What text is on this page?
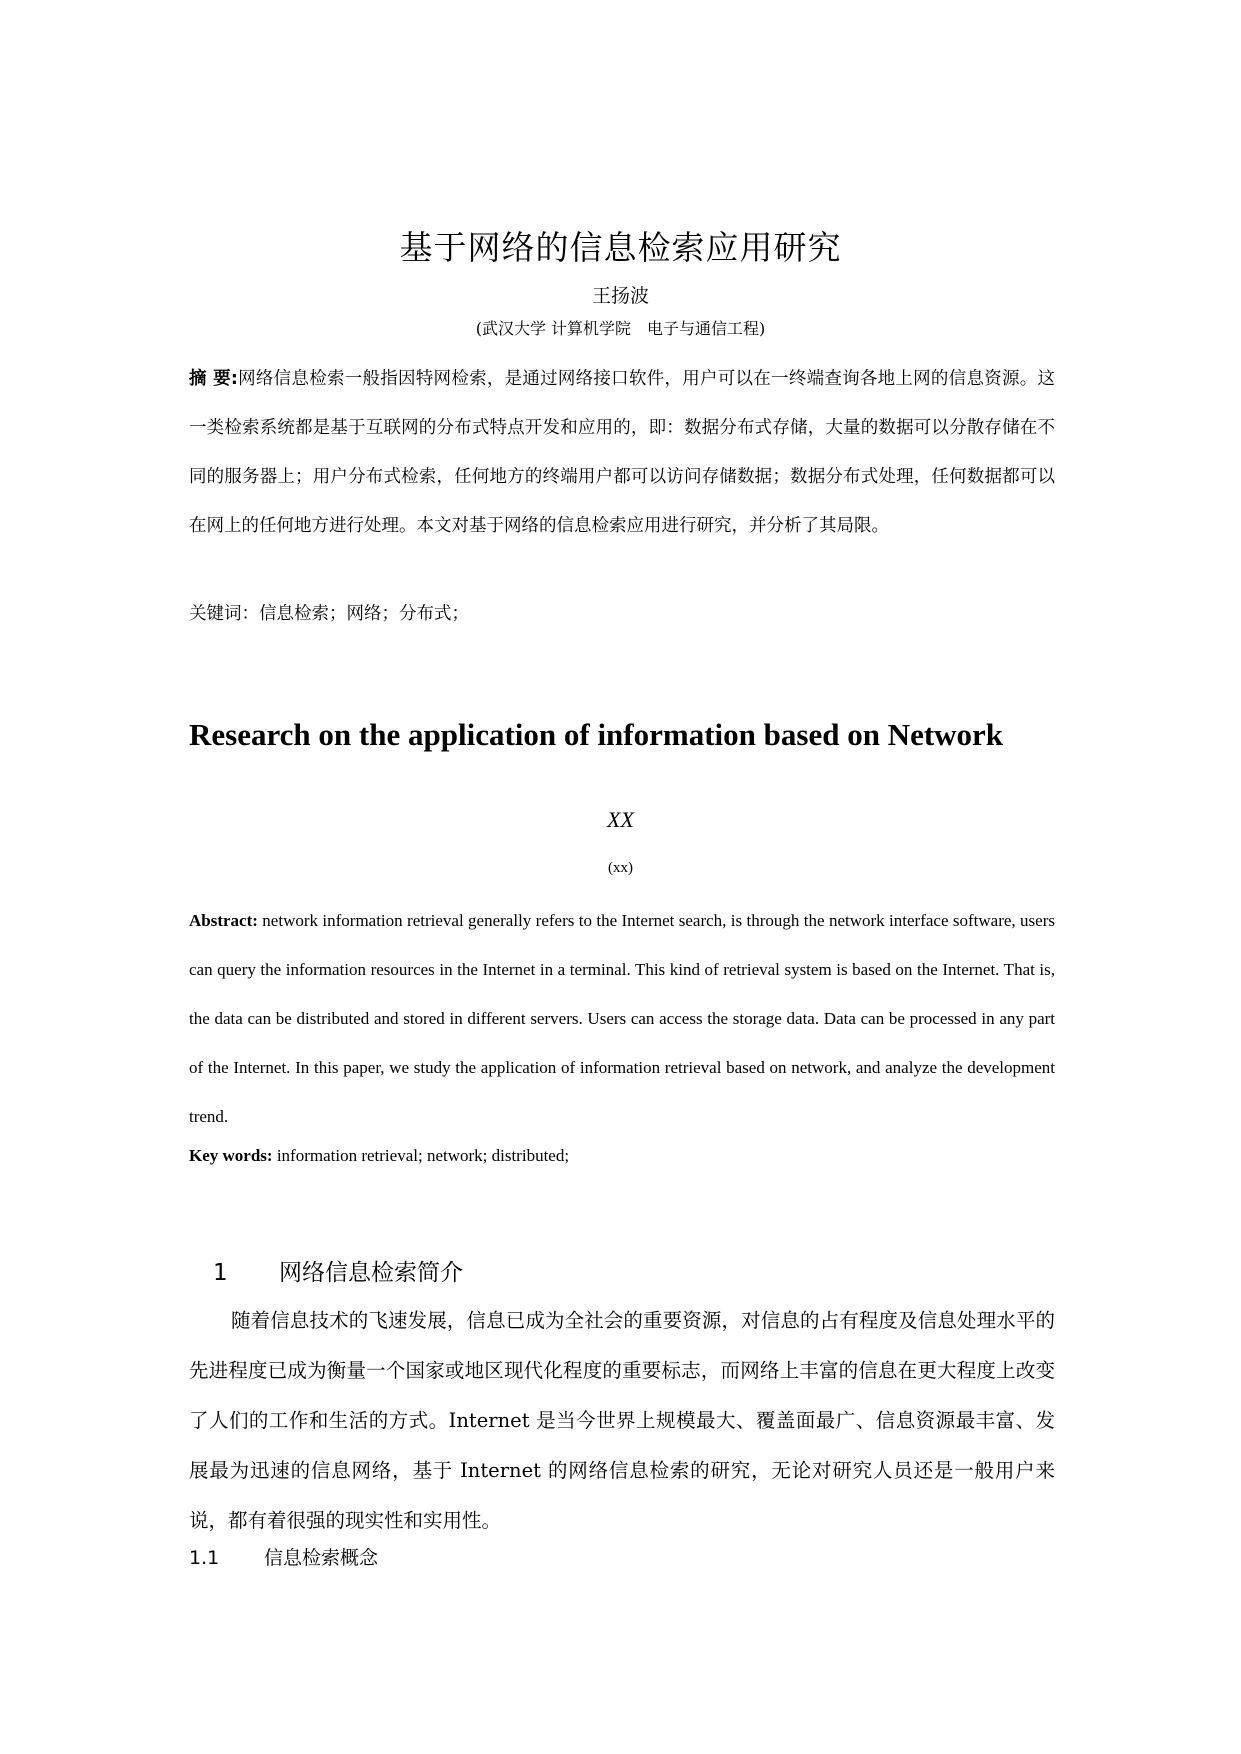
基于网络的信息检索应用研究
王扬波
(武汉大学 计算机学院　电子与通信工程)

摘 要:网络信息检索一般指因特网检索，是通过网络接口软件，用户可以在一终端查询各地上网的信息资源。这一类检索系统都是基于互联网的分布式特点开发和应用的，即：数据分布式存储，大量的数据可以分散存储在不同的服务器上；用户分布式检索，任何地方的终端用户都可以访问存储数据；数据分布式处理，任何数据都可以在网上的任何地方进行处理。本文对基于网络的信息检索应用进行研究，并分析了其局限。

关键词：信息检索；网络；分布式；

Research on the application of information based on Network

XX
(xx)

Abstract: network information retrieval generally refers to the Internet search, is through the network interface software, users can query the information resources in the Internet in a terminal. This kind of retrieval system is based on the Internet. That is, the data can be distributed and stored in different servers. Users can access the storage data. Data can be processed in any part of the Internet. In this paper, we study the application of information retrieval based on network, and analyze the development trend.

Key words: information retrieval; network; distributed;

1 网络信息检索简介

随着信息技术的飞速发展，信息已成为全社会的重要资源，对信息的占有程度及信息处理水平的先进程度已成为衡量一个国家或地区现代化程度的重要标志，而网络上丰富的信息在更大程度上改变了人们的工作和生活的方式。Internet 是当今世界上规模最大、覆盖面最广、信息资源最丰富、发展最为迅速的信息网络，基于 Internet 的网络信息检索的研究，无论对研究人员还是一般用户来说，都有着很强的现实性和实用性。

1.1 信息检索概念
